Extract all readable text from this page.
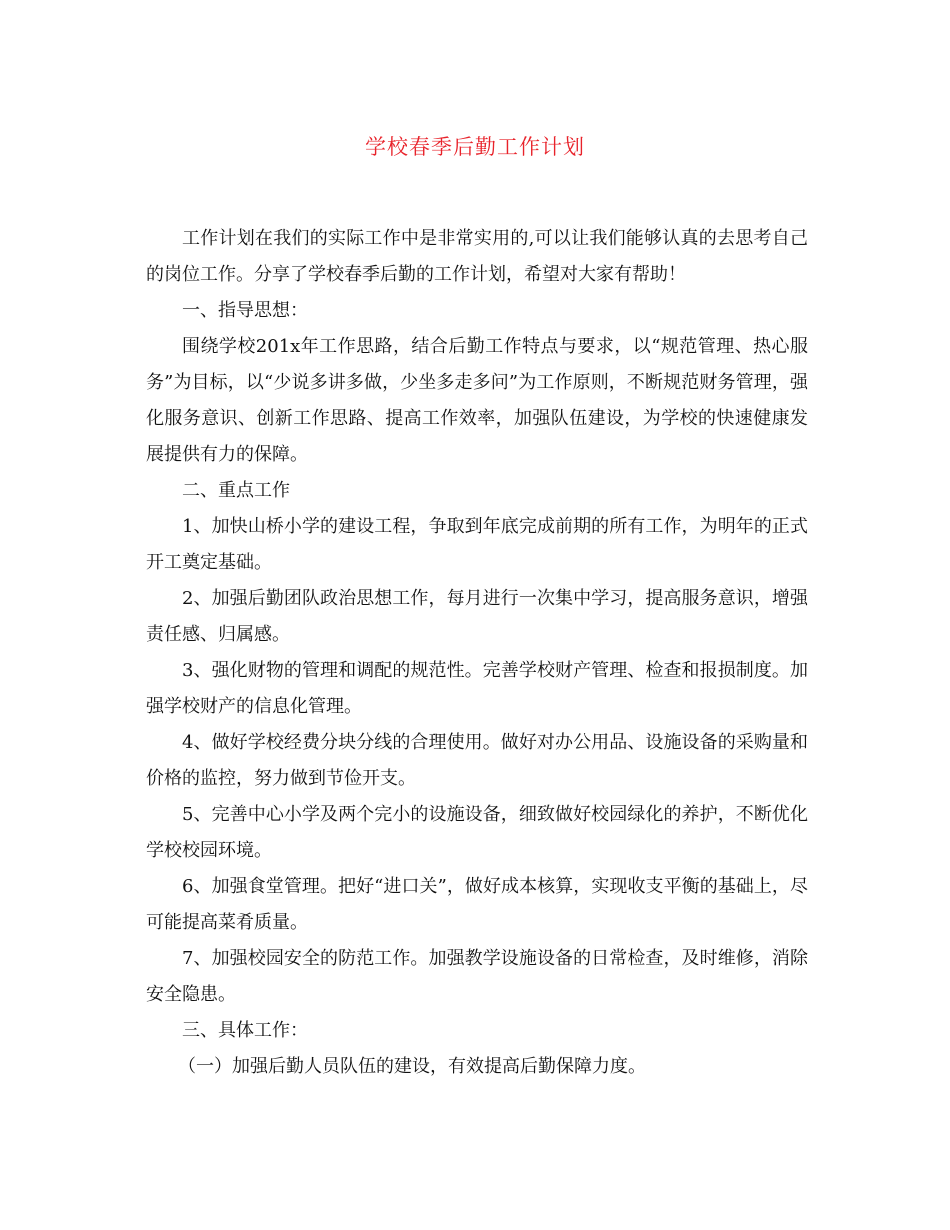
学校春季后勤工作计划

工作计划在我们的实际工作中是非常实用的,可以让我们能够认真的去思考自己的岗位工作。分享了学校春季后勤的工作计划，希望对大家有帮助！

一、指导思想：

围绕学校201x年工作思路，结合后勤工作特点与要求，以“规范管理、热心服务”为目标，以“少说多讲多做，少坐多走多问”为工作原则，不断规范财务管理，强化服务意识、创新工作思路、提高工作效率，加强队伍建设，为学校的快速健康发展提供有力的保障。

二、重点工作

1、加快山桥小学的建设工程，争取到年底完成前期的所有工作，为明年的正式开工奠定基础。

2、加强后勤团队政治思想工作，每月进行一次集中学习，提高服务意识，增强责任感、归属感。

3、强化财物的管理和调配的规范性。完善学校财产管理、检查和报损制度。加强学校财产的信息化管理。

4、做好学校经费分块分线的合理使用。做好对办公用品、设施设备的采购量和价格的监控，努力做到节俭开支。

5、完善中心小学及两个完小的设施设备，细致做好校园绿化的养护，不断优化学校校园环境。

6、加强食堂管理。把好“进口关”，做好成本核算，实现收支平衡的基础上，尽可能提高菜肴质量。

7、加强校园安全的防范工作。加强教学设施设备的日常检查，及时维修，消除安全隐患。

三、具体工作：

（一）加强后勤人员队伍的建设，有效提高后勤保障力度。
